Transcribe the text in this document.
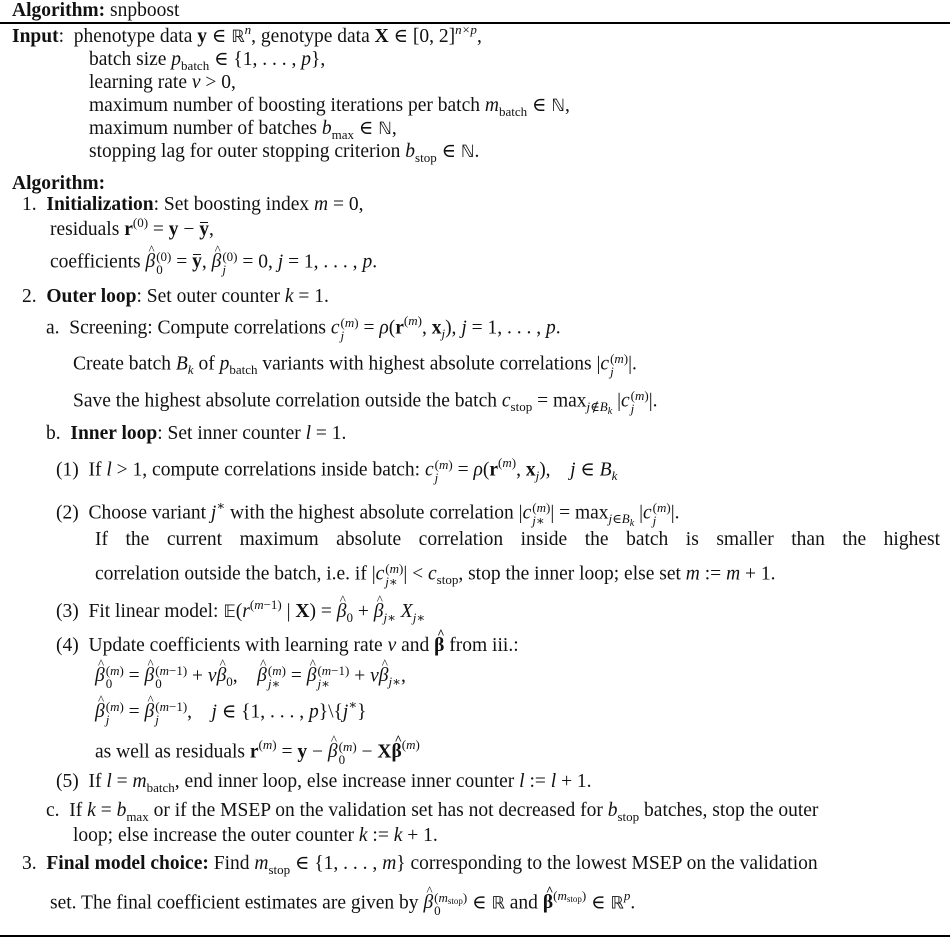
Algorithm: snpboost
Input:  phenotype data y ∈ ℝ$^n$, genotype data X ∈ [0, 2]$^{n\times p}$,
batch size $p_{batch}$ ∈ {1, . . . , p},
learning rate ν > 0,
maximum number of boosting iterations per batch $m_{batch}$ ∈ ℕ,
maximum number of batches $b_{max}$ ∈ ℕ,
stopping lag for outer stopping criterion $b_{stop}$ ∈ ℕ.
Algorithm:
1. Initialization: Set boosting index m = 0,
residuals $r^{(0)} = y - y$,
coefficients ^ β (0)
0 = y, ^ β (0)
j = 0, j = 1, . . . , p.
2. Outer loop: Set outer counter k = 1.
a. Screening: Compute correlations c (m)
$j = \rho(r^{(m)}$, $x_j$), j = 1, . . . , p.
Create batch $B_k$ of $p_{batch}$ variants with highest absolute correlations |c (m)
j |.
Save the highest absolute correlation outside the batch $c_{stop} = \max_{j\notin B_k} |c$ (m)
j |.
b. Inner loop: Set inner counter l = 1.
(1) If l > 1, compute correlations inside batch: c (m)
$j = \rho(r^{(m)}$, $x_j$),    j ∈ $B_k$
(2) Choose variant j∗ with the highest absolute correlation |c (m)
j∗ | = $\max_{j\in B_k} |c$ (m)
j |.
If the current maximum absolute correlation inside the batch is smaller than the highest
correlation outside the batch, i.e. if |c (m)
j∗ | < $c_{stop}$, stop the inner loop; else set m := m + 1.
(3) Fit linear model: $𝔼(r^{(m-1)}$ | X) = ^ $\beta_0$ + ^ $\beta_{j∗}$ $X_{j∗}$
(4) Update coefficients with learning rate ν and ^ β from iii.:
^ β (m)
0 = ^ β (m−1)
0	+ ν^ $\beta_0$,    ^ β (m)
j∗ = ^ β (m−1)
j∗ + ν^ $\beta_{j∗}$,
^ β (m)
j = ^ β (m−1)
j	,    j ∈ {1, . . . , p}\{j∗}
as well as residuals $r^{(m)} = y$ − ^ β (m)
0 − X^ $\beta^{(m)}$
(5) If $l = m_{batch}$, end inner loop, else increase inner counter l := l + 1.
c. If $k = b_{max}$ or if the MSEP on the validation set has not decreased for $b_{stop}$ batches, stop the outer
loop; else increase the outer counter k := k + 1.
3. Final model choice: Find $m_{stop}$ ∈ {1, . . . , m} corresponding to the lowest MSEP on the validation
set. The final coefficient estimates are given by ^ β $(m_{stop})$
0	∈ ℝ and ^ $\beta^{(m_{stop})}$ ∈ ℝ$^p$.
